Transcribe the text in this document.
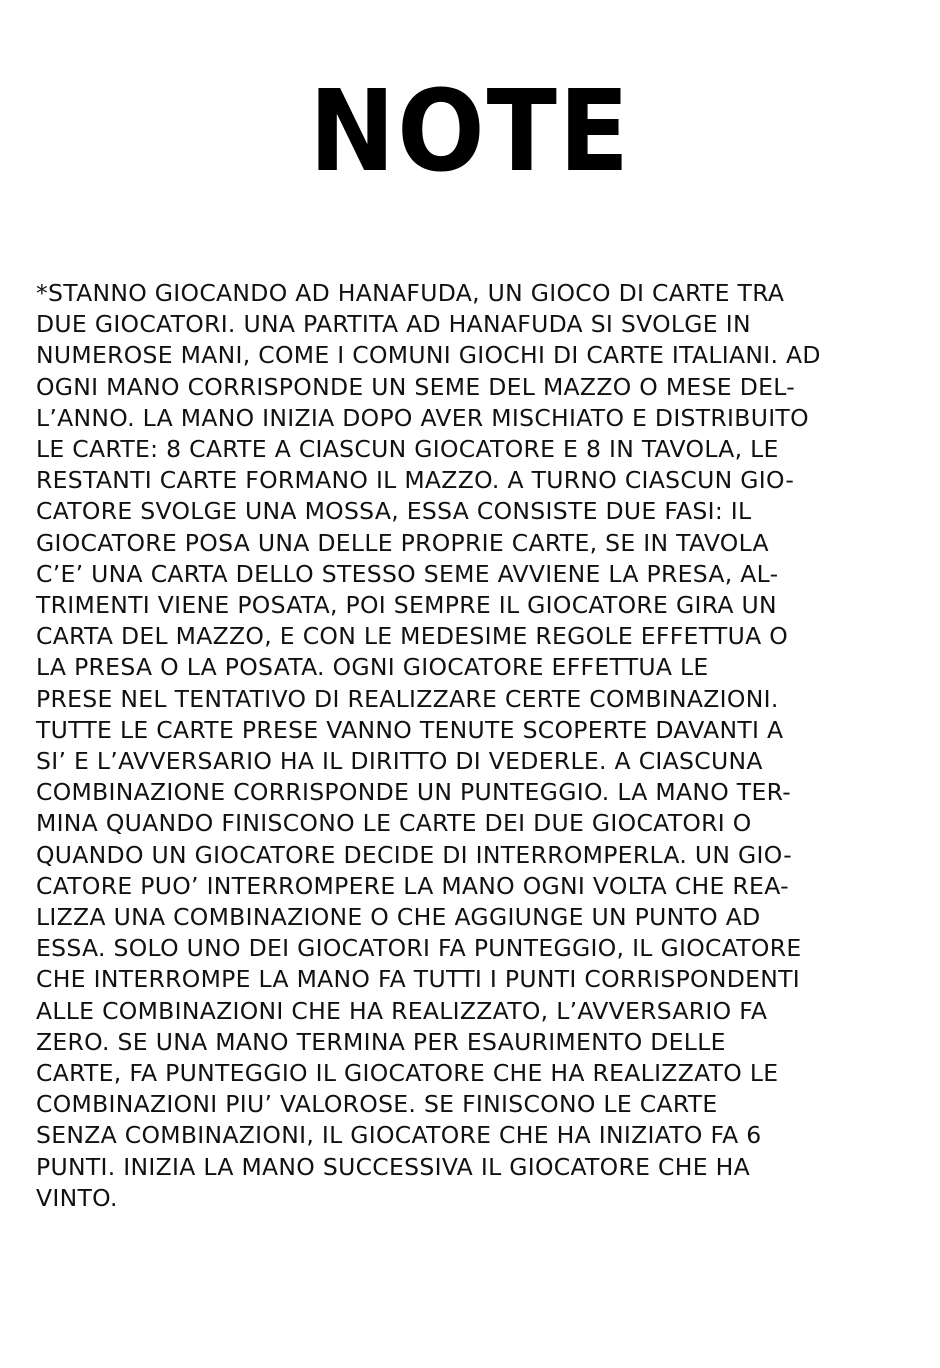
NOTE
*STANNO GIOCANDO AD HANAFUDA, UN GIOCO DI CARTE TRA
DUE GIOCATORI. UNA PARTITA AD HANAFUDA SI SVOLGE IN
NUMEROSE MANI, COME I COMUNI GIOCHI DI CARTE ITALIANI. AD
OGNI MANO CORRISPONDE UN SEME DEL MAZZO O MESE DEL-
L’ANNO. LA MANO INIZIA DOPO AVER MISCHIATO E DISTRIBUITO
LE CARTE: 8 CARTE A CIASCUN GIOCATORE E 8 IN TAVOLA, LE
RESTANTI CARTE FORMANO IL MAZZO. A TURNO CIASCUN GIO-
CATORE SVOLGE UNA MOSSA, ESSA CONSISTE DUE FASI: IL
GIOCATORE POSA UNA DELLE PROPRIE CARTE, SE IN TAVOLA
C’E’ UNA CARTA DELLO STESSO SEME AVVIENE LA PRESA, AL-
TRIMENTI VIENE POSATA, POI SEMPRE IL GIOCATORE GIRA UN
CARTA DEL MAZZO, E CON LE MEDESIME REGOLE EFFETTUA O
LA PRESA O LA POSATA. OGNI GIOCATORE EFFETTUA LE
PRESE NEL TENTATIVO DI REALIZZARE CERTE COMBINAZIONI.
TUTTE LE CARTE PRESE VANNO TENUTE SCOPERTE DAVANTI A
SI’ E L’AVVERSARIO HA IL DIRITTO DI VEDERLE. A CIASCUNA
COMBINAZIONE CORRISPONDE UN PUNTEGGIO. LA MANO TER-
MINA QUANDO FINISCONO LE CARTE DEI DUE GIOCATORI O
QUANDO UN GIOCATORE DECIDE DI INTERROMPERLA. UN GIO-
CATORE PUO’ INTERROMPERE LA MANO OGNI VOLTA CHE REA-
LIZZA UNA COMBINAZIONE O CHE AGGIUNGE UN PUNTO AD
ESSA. SOLO UNO DEI GIOCATORI FA PUNTEGGIO, IL GIOCATORE
CHE INTERROMPE LA MANO FA TUTTI I PUNTI CORRISPONDENTI
ALLE COMBINAZIONI CHE HA REALIZZATO, L’AVVERSARIO FA
ZERO. SE UNA MANO TERMINA PER ESAURIMENTO DELLE
CARTE, FA PUNTEGGIO IL GIOCATORE CHE HA REALIZZATO LE
COMBINAZIONI PIU’ VALOROSE. SE FINISCONO LE CARTE
SENZA COMBINAZIONI, IL GIOCATORE CHE HA INIZIATO FA 6
PUNTI. INIZIA LA MANO SUCCESSIVA IL GIOCATORE CHE HA
VINTO.
